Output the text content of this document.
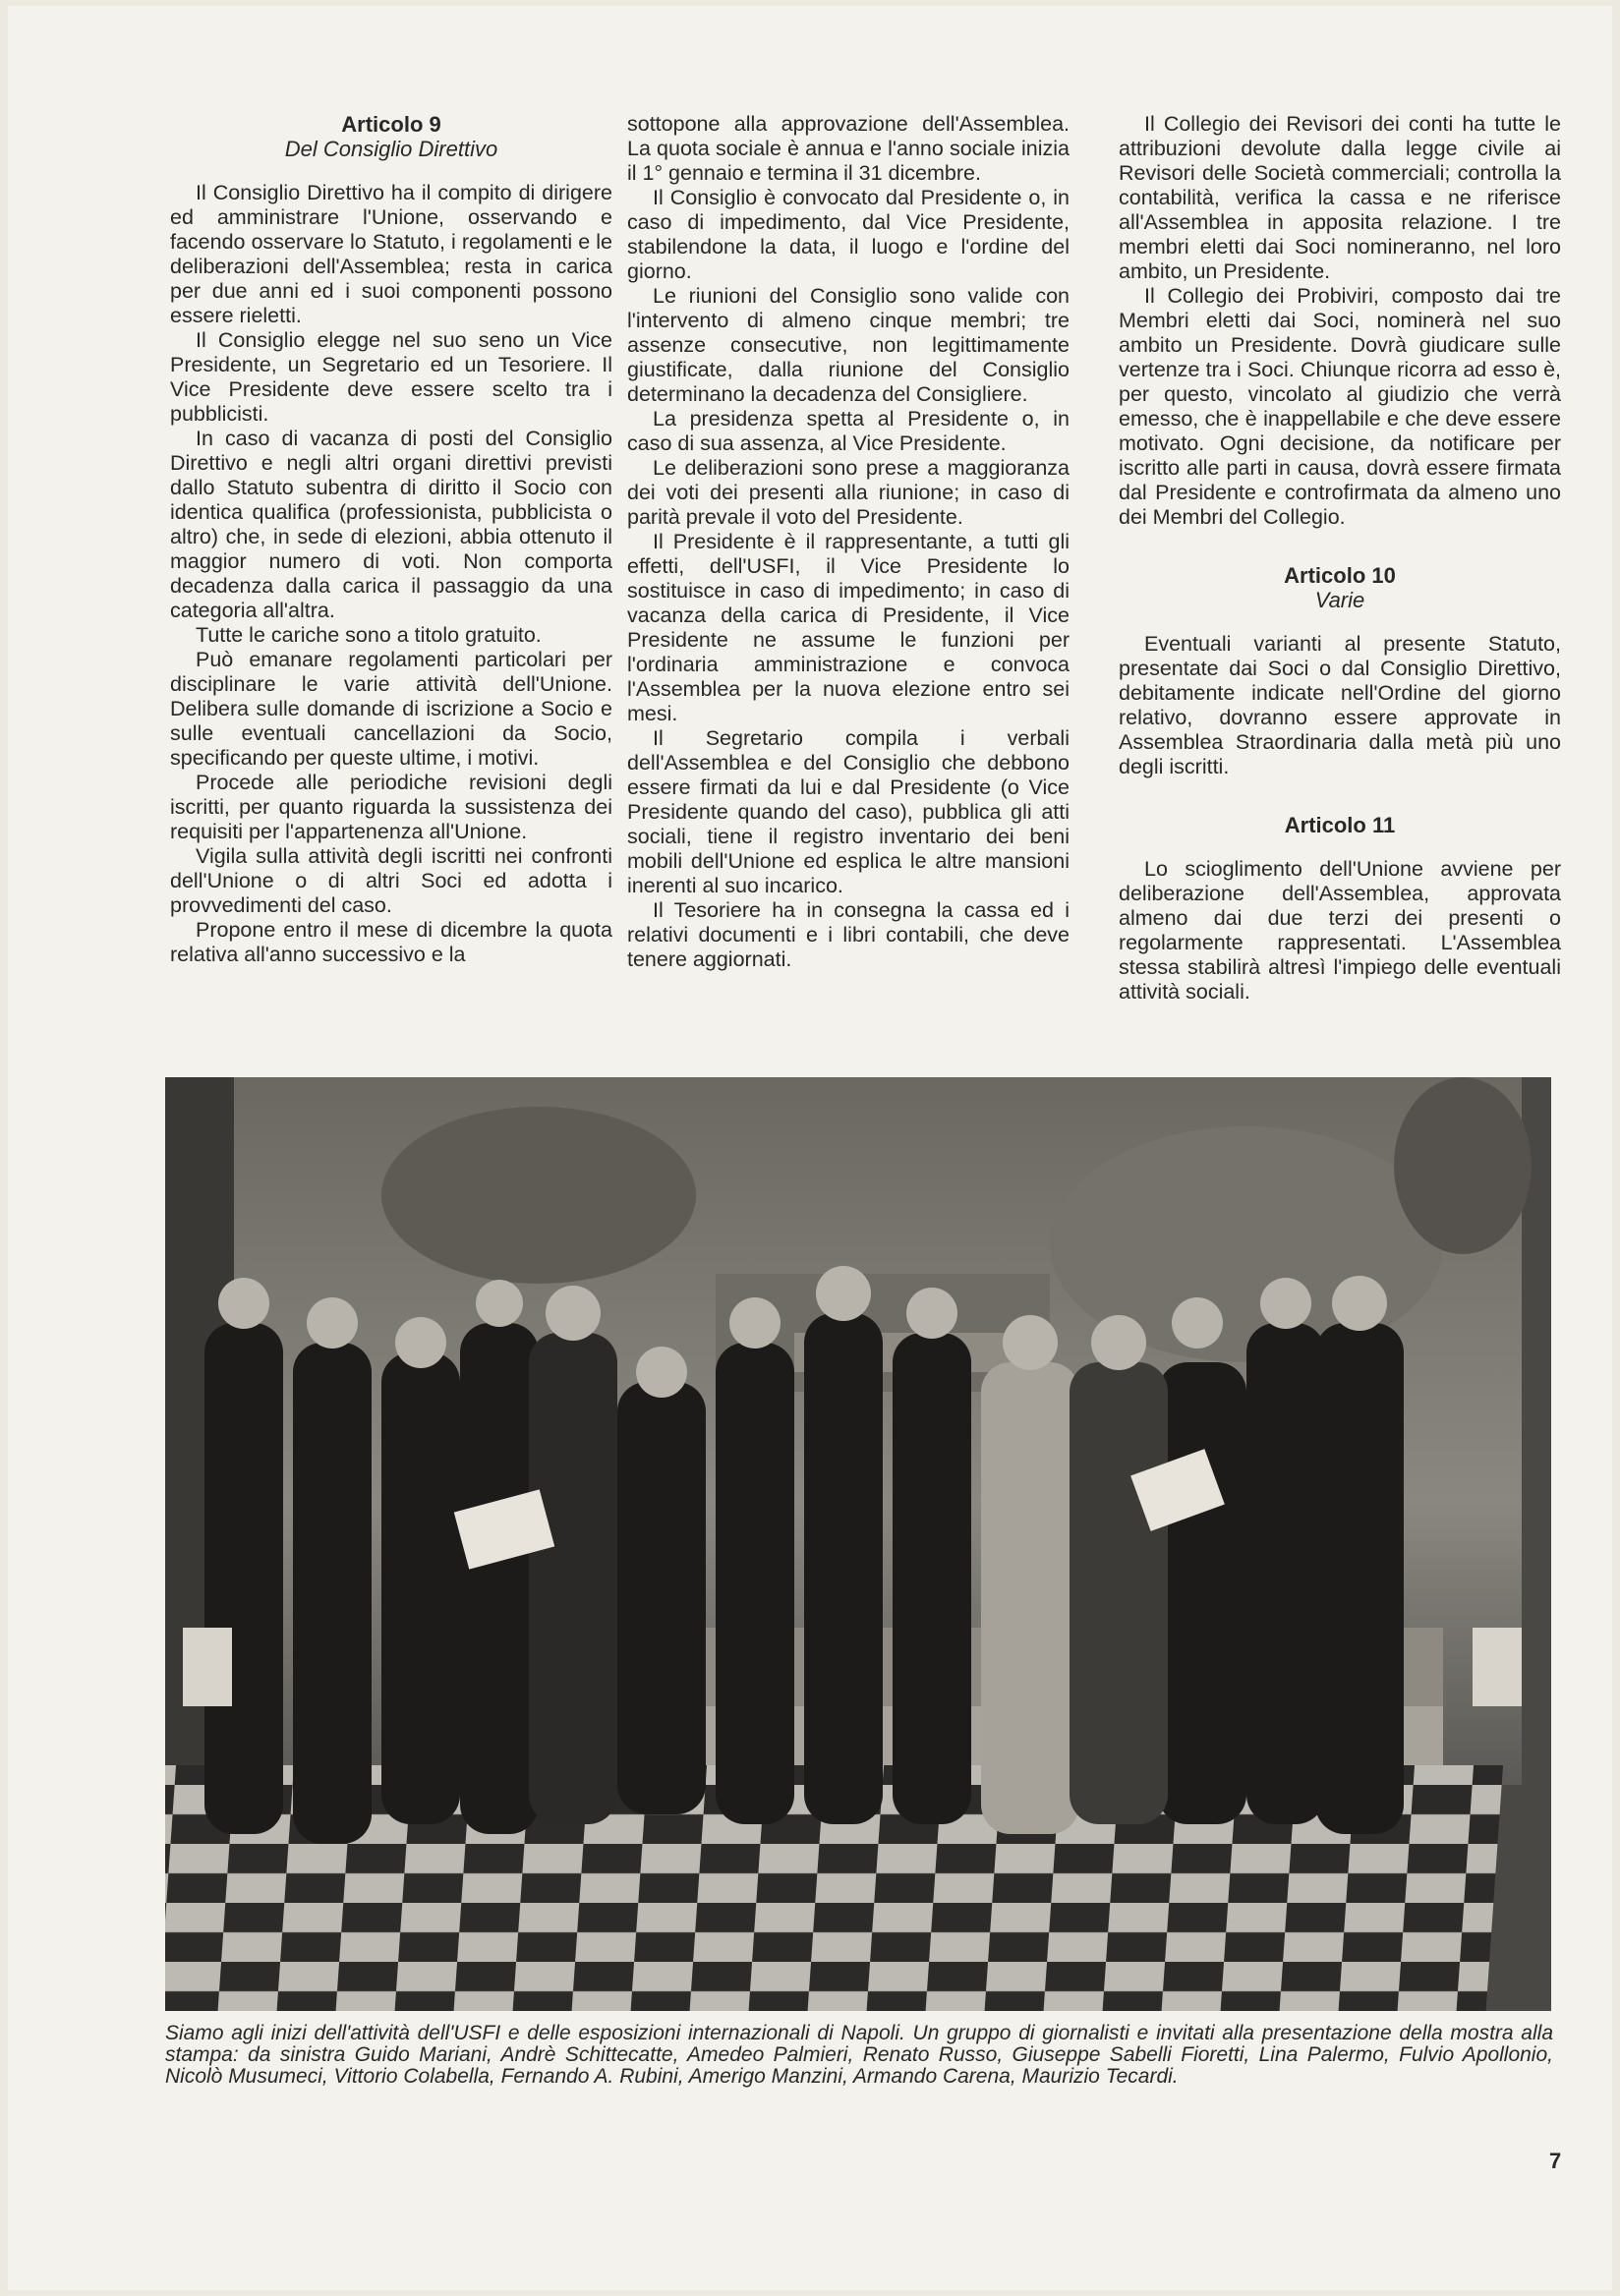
Articolo 9
Del Consiglio Direttivo

Il Consiglio Direttivo ha il compito di dirigere ed amministrare l'Unione, osservando e facendo osservare lo Statuto, i regolamenti e le deliberazioni dell'Assemblea; resta in carica per due anni ed i suoi componenti possono essere rieletti.

Il Consiglio elegge nel suo seno un Vice Presidente, un Segretario ed un Tesoriere. Il Vice Presidente deve essere scelto tra i pubblicisti.

In caso di vacanza di posti del Consiglio Direttivo e negli altri organi direttivi previsti dallo Statuto subentra di diritto il Socio con identica qualifica (professionista, pubblicista o altro) che, in sede di elezioni, abbia ottenuto il maggior numero di voti. Non comporta decadenza dalla carica il passaggio da una categoria all'altra.

Tutte le cariche sono a titolo gratuito.

Può emanare regolamenti particolari per disciplinare le varie attività dell'Unione. Delibera sulle domande di iscrizione a Socio e sulle eventuali cancellazioni da Socio, specificando per queste ultime, i motivi.

Procede alle periodiche revisioni degli iscritti, per quanto riguarda la sussistenza dei requisiti per l'appartenenza all'Unione.

Vigila sulla attività degli iscritti nei confronti dell'Unione o di altri Soci ed adotta i provvedimenti del caso.

Propone entro il mese di dicembre la quota relativa all'anno successivo e la

sottopone alla approvazione dell'Assemblea. La quota sociale è annua e l'anno sociale inizia il 1° gennaio e termina il 31 dicembre.

Il Consiglio è convocato dal Presidente o, in caso di impedimento, dal Vice Presidente, stabilendone la data, il luogo e l'ordine del giorno.

Le riunioni del Consiglio sono valide con l'intervento di almeno cinque membri; tre assenze consecutive, non legittimamente giustificate, dalla riunione del Consiglio determinano la decadenza del Consigliere.

La presidenza spetta al Presidente o, in caso di sua assenza, al Vice Presidente.

Le deliberazioni sono prese a maggioranza dei voti dei presenti alla riunione; in caso di parità prevale il voto del Presidente.

Il Presidente è il rappresentante, a tutti gli effetti, dell'USFI, il Vice Presidente lo sostituisce in caso di impedimento; in caso di vacanza della carica di Presidente, il Vice Presidente ne assume le funzioni per l'ordinaria amministrazione e convoca l'Assemblea per la nuova elezione entro sei mesi.

Il Segretario compila i verbali dell'Assemblea e del Consiglio che debbono essere firmati da lui e dal Presidente (o Vice Presidente quando del caso), pubblica gli atti sociali, tiene il registro inventario dei beni mobili dell'Unione ed esplica le altre mansioni inerenti al suo incarico.

Il Tesoriere ha in consegna la cassa ed i relativi documenti e i libri contabili, che deve tenere aggiornati.

Il Collegio dei Revisori dei conti ha tutte le attribuzioni devolute dalla legge civile ai Revisori delle Società commerciali; controlla la contabilità, verifica la cassa e ne riferisce all'Assemblea in apposita relazione. I tre membri eletti dai Soci nomineranno, nel loro ambito, un Presidente.

Il Collegio dei Probiviri, composto dai tre Membri eletti dai Soci, nominerà nel suo ambito un Presidente. Dovrà giudicare sulle vertenze tra i Soci. Chiunque ricorra ad esso è, per questo, vincolato al giudizio che verrà emesso, che è inappellabile e che deve essere motivato. Ogni decisione, da notificare per iscritto alle parti in causa, dovrà essere firmata dal Presidente e controfirmata da almeno uno dei Membri del Collegio.

Articolo 10
Varie

Eventuali varianti al presente Statuto, presentate dai Soci o dal Consiglio Direttivo, debitamente indicate nell'Ordine del giorno relativo, dovranno essere approvate in Assemblea Straordinaria dalla metà più uno degli iscritti.

Articolo 11

Lo scioglimento dell'Unione avviene per deliberazione dell'Assemblea, approvata almeno dai due terzi dei presenti o regolarmente rappresentati. L'Assemblea stessa stabilirà altresì l'impiego delle eventuali attività sociali.

Siamo agli inizi dell'attività dell'USFI e delle esposizioni internazionali di Napoli. Un gruppo di giornalisti e invitati alla presentazione della mostra alla stampa: da sinistra Guido Mariani, Andrè Schittecatte, Amedeo Palmieri, Renato Russo, Giuseppe Sabelli Fioretti, Lina Palermo, Fulvio Apollonio, Nicolò Musumeci, Vittorio Colabella, Fernando A. Rubini, Amerigo Manzini, Armando Carena, Maurizio Tecardi.
7
